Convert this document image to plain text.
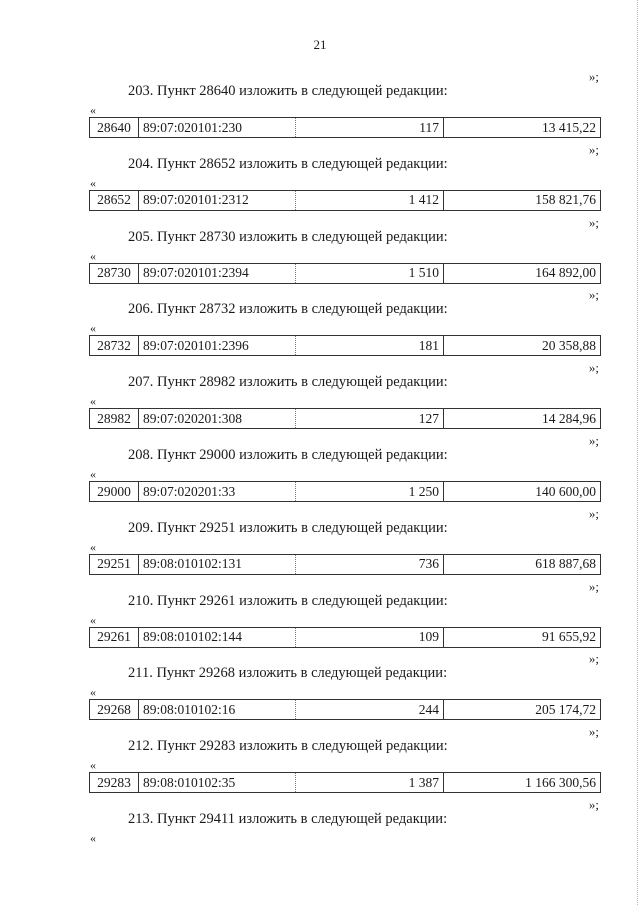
21
»;
203. Пункт 28640 изложить в следующей редакции:
«
28640 89:07:020101:230	117	13 415,22
»;
204. Пункт 28652 изложить в следующей редакции:
«
28652 89:07:020101:2312	1 412	158 821,76
»;
205. Пункт 28730 изложить в следующей редакции:
«
28730 89:07:020101:2394	1 510	164 892,00
»;
206. Пункт 28732 изложить в следующей редакции:
«
28732 89:07:020101:2396	181	20 358,88
»;
207. Пункт 28982 изложить в следующей редакции:
«
28982 89:07:020201:308	127	14 284,96
»;
208. Пункт 29000 изложить в следующей редакции:
«
29000 89:07:020201:33	1 250	140 600,00
»;
209. Пункт 29251 изложить в следующей редакции:
«
29251 89:08:010102:131	736	618 887,68
»;
210. Пункт 29261 изложить в следующей редакции:
«
29261 89:08:010102:144	109	91 655,92
»;
211. Пункт 29268 изложить в следующей редакции:
«
29268 89:08:010102:16	244	205 174,72
»;
212. Пункт 29283 изложить в следующей редакции:
«
29283 89:08:010102:35	1 387	1 166 300,56
»;
213. Пункт 29411 изложить в следующей редакции:
«
